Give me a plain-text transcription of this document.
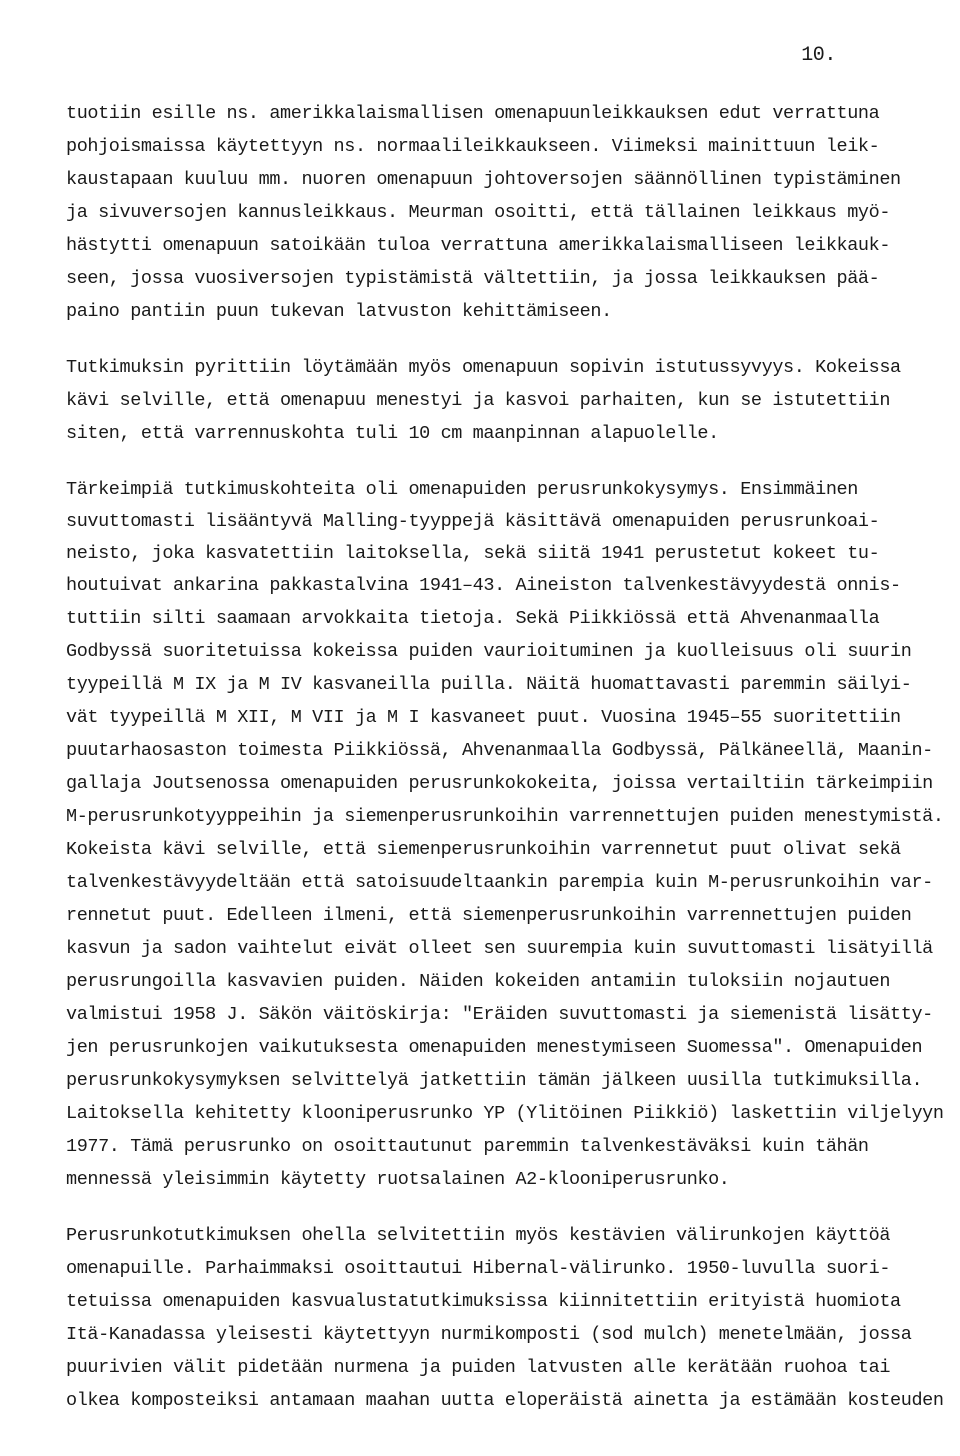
10.
tuotiin esille ns. amerikkalaismallisen omenapuunleikkauksen edut verrattuna
pohjoismaissa käytettyyn ns. normaalileikkaukseen. Viimeksi mainittuun leik-
kaustapaan kuuluu mm. nuoren omenapuun johtoversojen säännöllinen typistäminen
ja sivuversojen kannusleikkaus. Meurman osoitti, että tällainen leikkaus myö-
hästytti omenapuun satoikään tuloa verrattuna amerikkalaismalliseen leikkauk-
seen, jossa vuosiversojen typistämistä vältettiin, ja jossa leikkauksen pää-
paino pantiin puun tukevan latvuston kehittämiseen.
Tutkimuksin pyrittiin löytämään myös omenapuun sopivin istutussyvyys. Kokeissa
kävi selville, että omenapuu menestyi ja kasvoi parhaiten, kun se istutettiin
siten, että varrennuskohta tuli 10 cm maanpinnan alapuolelle.
Tärkeimpiä tutkimuskohteita oli omenapuiden perusrunkokysymys. Ensimmäinen
suvuttomasti lisääntyvä Malling-tyyppejä käsittävä omenapuiden perusrunkoai-
neisto, joka kasvatettiin laitoksella, sekä siitä 1941 perustetut kokeet tu-
houtuivat ankarina pakkastalvina 1941–43. Aineiston talvenkestävyydestä onnis-
tuttiin silti saamaan arvokkaita tietoja. Sekä Piikkiössä että Ahvenanmaalla
Godbyssä suoritetuissa kokeissa puiden vaurioituminen ja kuolleisuus oli suurin
tyypeillä M IX ja M IV kasvaneilla puilla. Näitä huomattavasti paremmin säilyi-
vät tyypeillä M XII, M VII ja M I kasvaneet puut. Vuosina 1945–55 suoritettiin
puutarhaosaston toimesta Piikkiössä, Ahvenanmaalla Godbyssä, Pälkäneellä, Maanin-
gallaja Joutsenossa omenapuiden perusrunkokokeita, joissa vertailtiin tärkeimpiin
M-perusrunkotyyppeihin ja siemenperusrunkoihin varrennettujen puiden menestymistä.
Kokeista kävi selville, että siemenperusrunkoihin varrennetut puut olivat sekä
talvenkestävyydeltään että satoisuudeltaankin parempia kuin M-perusrunkoihin var-
rennetut puut. Edelleen ilmeni, että siemenperusrunkoihin varrennettujen puiden
kasvun ja sadon vaihtelut eivät olleet sen suurempia kuin suvuttomasti lisätyillä
perusrungoilla kasvavien puiden. Näiden kokeiden antamiin tuloksiin nojautuen
valmistui 1958 J. Säkön väitöskirja: "Eräiden suvuttomasti ja siemenistä lisätty-
jen perusrunkojen vaikutuksesta omenapuiden menestymiseen Suomessa". Omenapuiden
perusrunkokysymyksen selvittelyä jatkettiin tämän jälkeen uusilla tutkimuksilla.
Laitoksella kehitetty klooniperusrunko YP (Ylitöinen Piikkiö) laskettiin viljelyyn
1977. Tämä perusrunko on osoittautunut paremmin talvenkestäväksi kuin tähän
mennessä yleisimmin käytetty ruotsalainen A2-klooniperusrunko.
Perusrunkotutkimuksen ohella selvitettiin myös kestävien välirunkojen käyttöä
omenapuille. Parhaimmaksi osoittautui Hibernal-välirunko. 1950-luvulla suori-
tetuissa omenapuiden kasvualustatutkimuksissa kiinnitettiin erityistä huomiota
Itä-Kanadassa yleisesti käytettyyn nurmikomposti (sod mulch) menetelmään, jossa
puurivien välit pidetään nurmena ja puiden latvusten alle kerätään ruohoa tai
olkea komposteiksi antamaan maahan uutta eloperäistä ainetta ja estämään kosteuden
